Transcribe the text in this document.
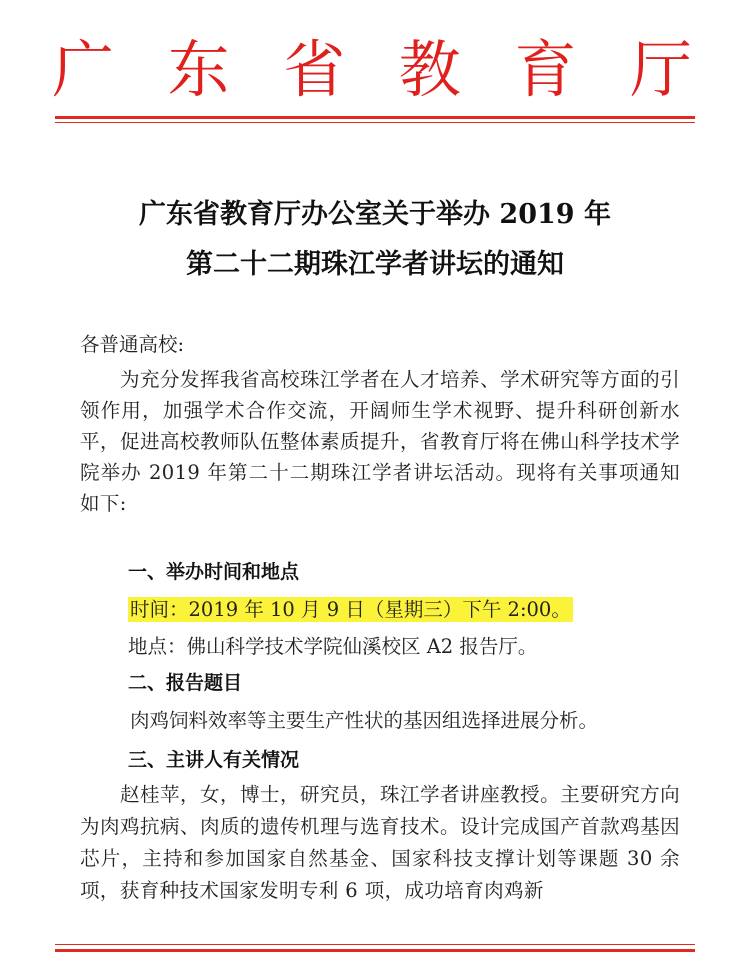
广 东 省 教 育 厅
广东省教育厅办公室关于举办 2019 年
第二十二期珠江学者讲坛的通知
各普通高校:
为充分发挥我省高校珠江学者在人才培养、学术研究等方面的引领作用，加强学术合作交流，开阔师生学术视野、提升科研创新水平，促进高校教师队伍整体素质提升，省教育厅将在佛山科学技术学院举办 2019 年第二十二期珠江学者讲坛活动。现将有关事项通知如下:
一、举办时间和地点
时间：2019 年 10 月 9 日（星期三）下午 2:00。
地点：佛山科学技术学院仙溪校区 A2 报告厅。
二、报告题目
肉鸡饲料效率等主要生产性状的基因组选择进展分析。
三、主讲人有关情况
赵桂苹，女，博士，研究员，珠江学者讲座教授。主要研究方向为肉鸡抗病、肉质的遗传机理与选育技术。设计完成国产首款鸡基因芯片，主持和参加国家自然基金、国家科技支撑计划等课题 30 余项，获育种技术国家发明专利 6 项，成功培育肉鸡新
